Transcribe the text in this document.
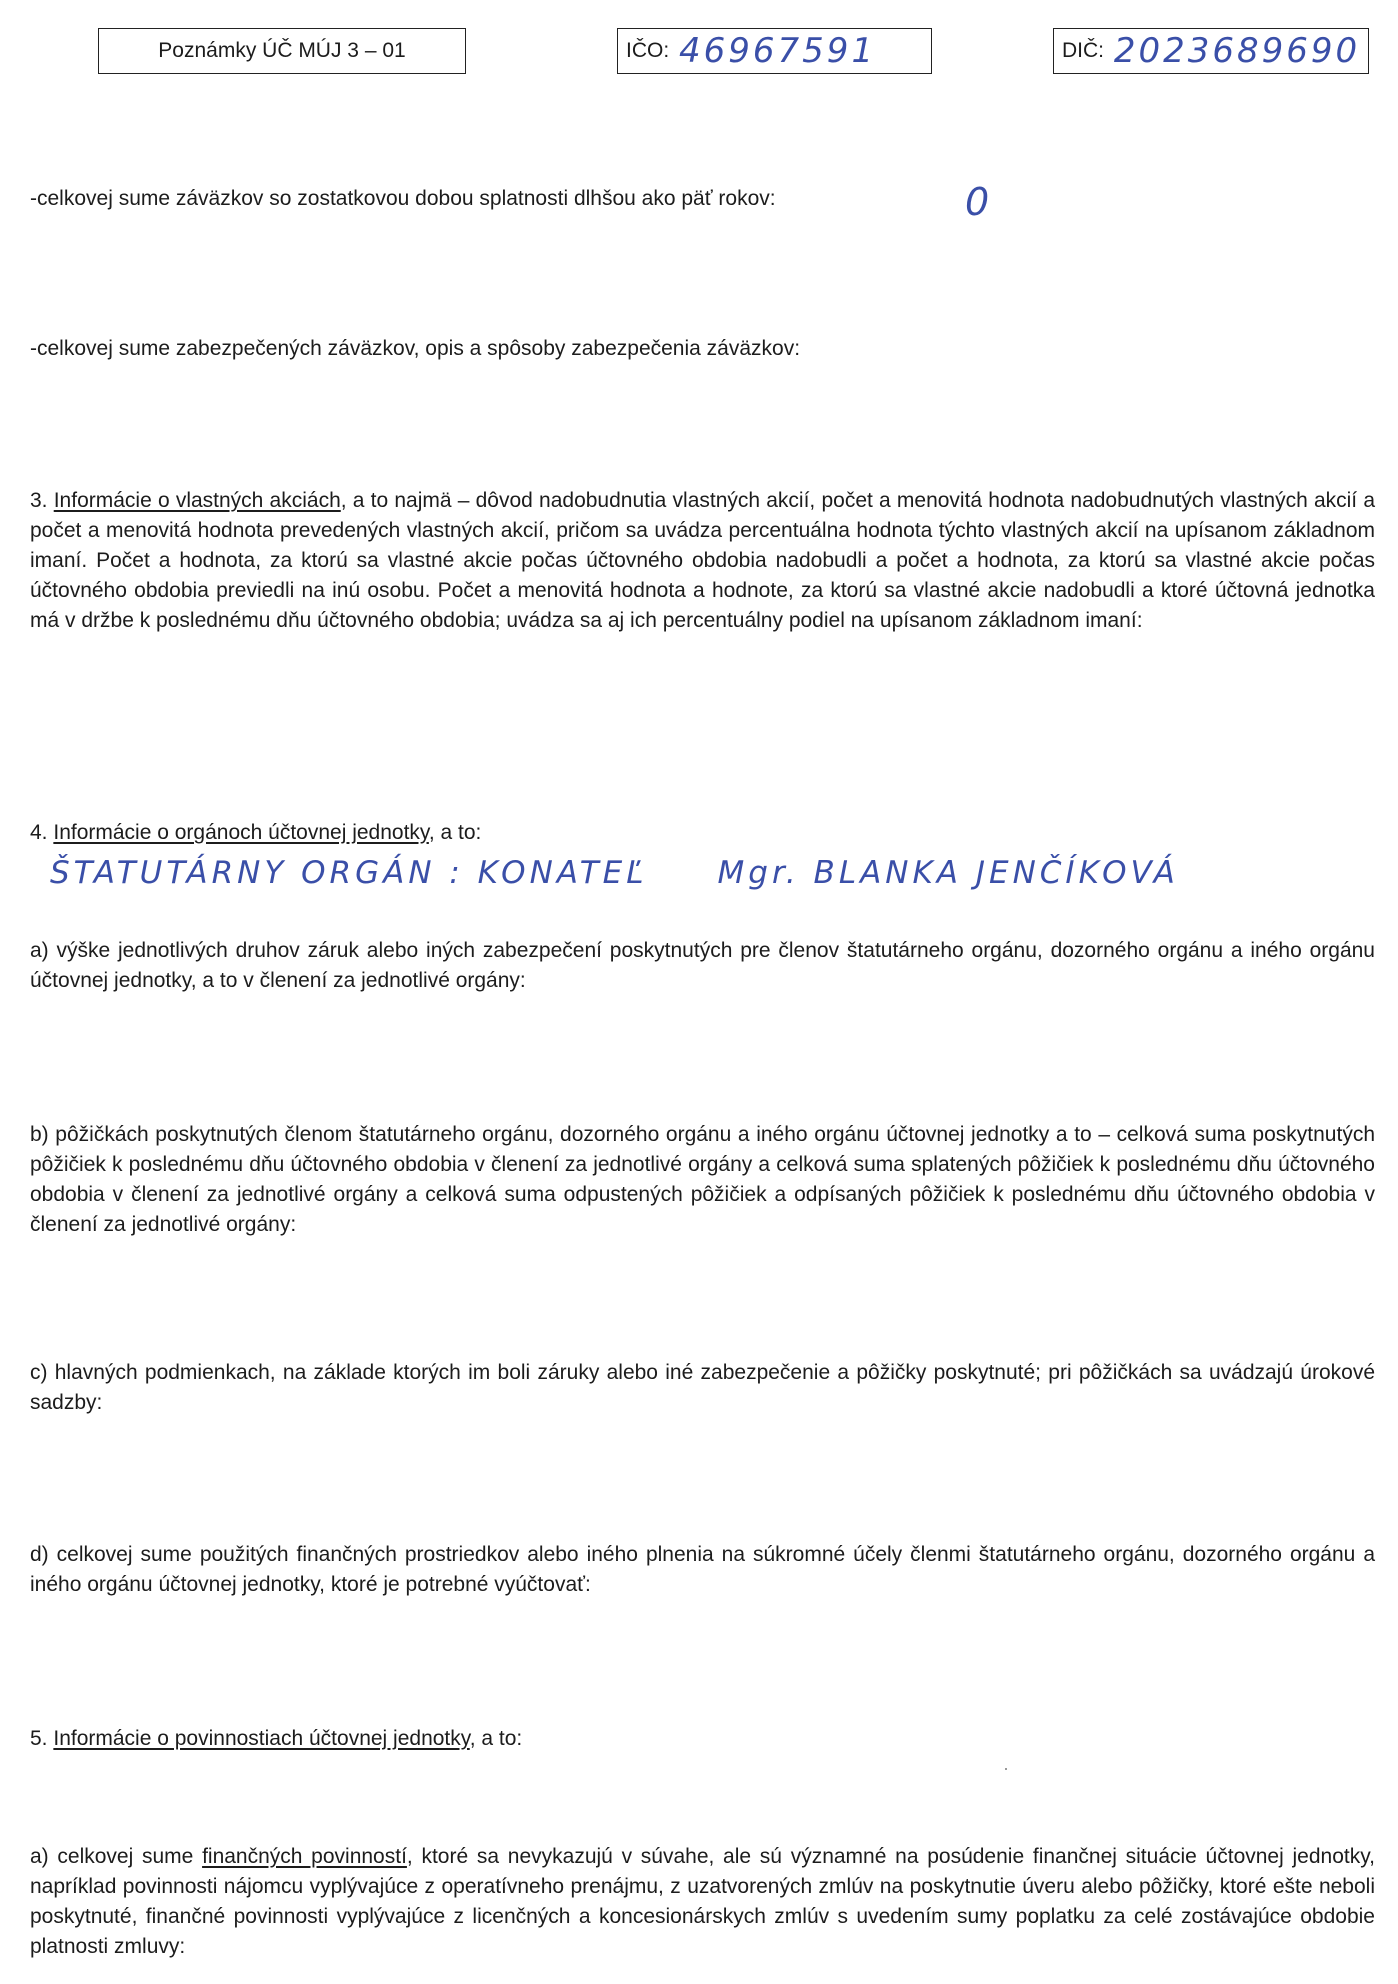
Poznámky ÚČ MÚJ 3 – 01	IČO: 46967591	DIČ: 2023689690
-celkovej sume záväzkov so zostatkovou dobou splatnosti dlhšou ako päť rokov:	0
-celkovej sume zabezpečených záväzkov, opis a spôsoby zabezpečenia záväzkov:
3. Informácie o vlastných akciách, a to najmä – dôvod nadobudnutia vlastných akcií, počet a menovitá hodnota nadobudnutých vlastných akcií a počet a menovitá hodnota prevedených vlastných akcií, pričom sa uvádza percentuálna hodnota týchto vlastných akcií na upísanom základnom imaní. Počet a hodnota, za ktorú sa vlastné akcie počas účtovného obdobia nadobudli a počet a hodnota, za ktorú sa vlastné akcie počas účtovného obdobia previedli na inú osobu. Počet a menovitá hodnota a hodnote, za ktorú sa vlastné akcie nadobudli a ktoré účtovná jednotka má v držbe k poslednému dňu účtovného obdobia; uvádza sa aj ich percentuálny podiel na upísanom základnom imaní:
4. Informácie o orgánoch účtovnej jednotky, a to:
ŠTATUTÁRNY ORGÁN : KONATEĽ Mgr. BLANKA JENČÍKOVÁ
a) výške jednotlivých druhov záruk alebo iných zabezpečení poskytnutých pre členov štatutárneho orgánu, dozorného orgánu a iného orgánu účtovnej jednotky, a to v členení za jednotlivé orgány:
b) pôžičkách poskytnutých členom štatutárneho orgánu, dozorného orgánu a iného orgánu účtovnej jednotky a to – celková suma poskytnutých pôžičiek k poslednému dňu účtovného obdobia v členení za jednotlivé orgány a celková suma splatených pôžičiek k poslednému dňu účtovného obdobia v členení za jednotlivé orgány a celková suma odpustených pôžičiek a odpísaných pôžičiek k poslednému dňu účtovného obdobia v členení za jednotlivé orgány:
c) hlavných podmienkach, na základe ktorých im boli záruky alebo iné zabezpečenie a pôžičky poskytnuté; pri pôžičkách sa uvádzajú úrokové sadzby:
d) celkovej sume použitých finančných prostriedkov alebo iného plnenia na súkromné účely členmi štatutárneho orgánu, dozorného orgánu a iného orgánu účtovnej jednotky, ktoré je potrebné vyúčtovať:
5. Informácie o povinnostiach účtovnej jednotky, a to:
a) celkovej sume finančných povinností, ktoré sa nevykazujú v súvahe, ale sú významné na posúdenie finančnej situácie účtovnej jednotky, napríklad povinnosti nájomcu vyplývajúce z operatívneho prenájmu, z uzatvorených zmlúv na poskytnutie úveru alebo pôžičky, ktoré ešte neboli poskytnuté, finančné povinnosti vyplývajúce z licenčných a koncesionárskych zmlúv s uvedením sumy poplatku za celé zostávajúce obdobie platnosti zmluvy:
